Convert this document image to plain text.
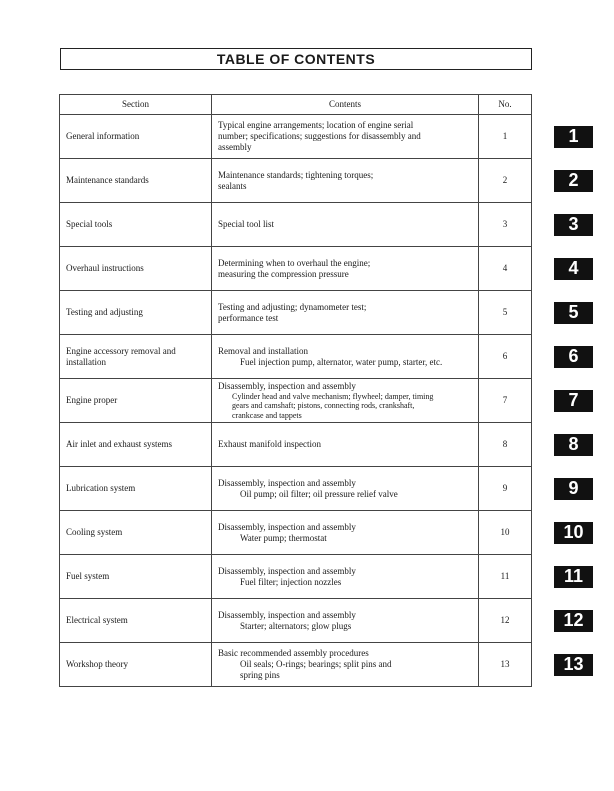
TABLE OF CONTENTS
Section	Contents	No.

General information	Typical engine arrangements; location of engine serial
number; specifications; suggestions for disassembly and
assembly	1

Maintenance standards	Maintenance standards; tightening torques;
sealants	2

Special tools	Special tool list	3

Overhaul instructions	Determining when to overhaul the engine;
measuring the compression pressure	4

Testing and adjusting	Testing and adjusting; dynamometer test;
performance test	5

Engine accessory removal and
installation	Removal and installation
Fuel injection pump, alternator, water pump, starter, etc.	6

Engine proper	Disassembly, inspection and assembly
Cylinder head and valve mechanism; flywheel; damper, timing
gears and camshaft; pistons, connecting rods, crankshaft,
crankcase and tappets	7

Air inlet and exhaust systems	Exhaust manifold inspection	8

Lubrication system	Disassembly, inspection and assembly
Oil pump; oil filter; oil pressure relief valve	9

Cooling system	Disassembly, inspection and assembly
Water pump; thermostat	10

Fuel system	Disassembly, inspection and assembly
Fuel filter; injection nozzles	11

Electrical system	Disassembly, inspection and assembly
Starter; alternators; glow plugs	12

Workshop theory	Basic recommended assembly procedures
Oil seals; O-rings; bearings; split pins and
spring pins	13
1
2
3
4
5
6
7
8
9
10
11
12
13
